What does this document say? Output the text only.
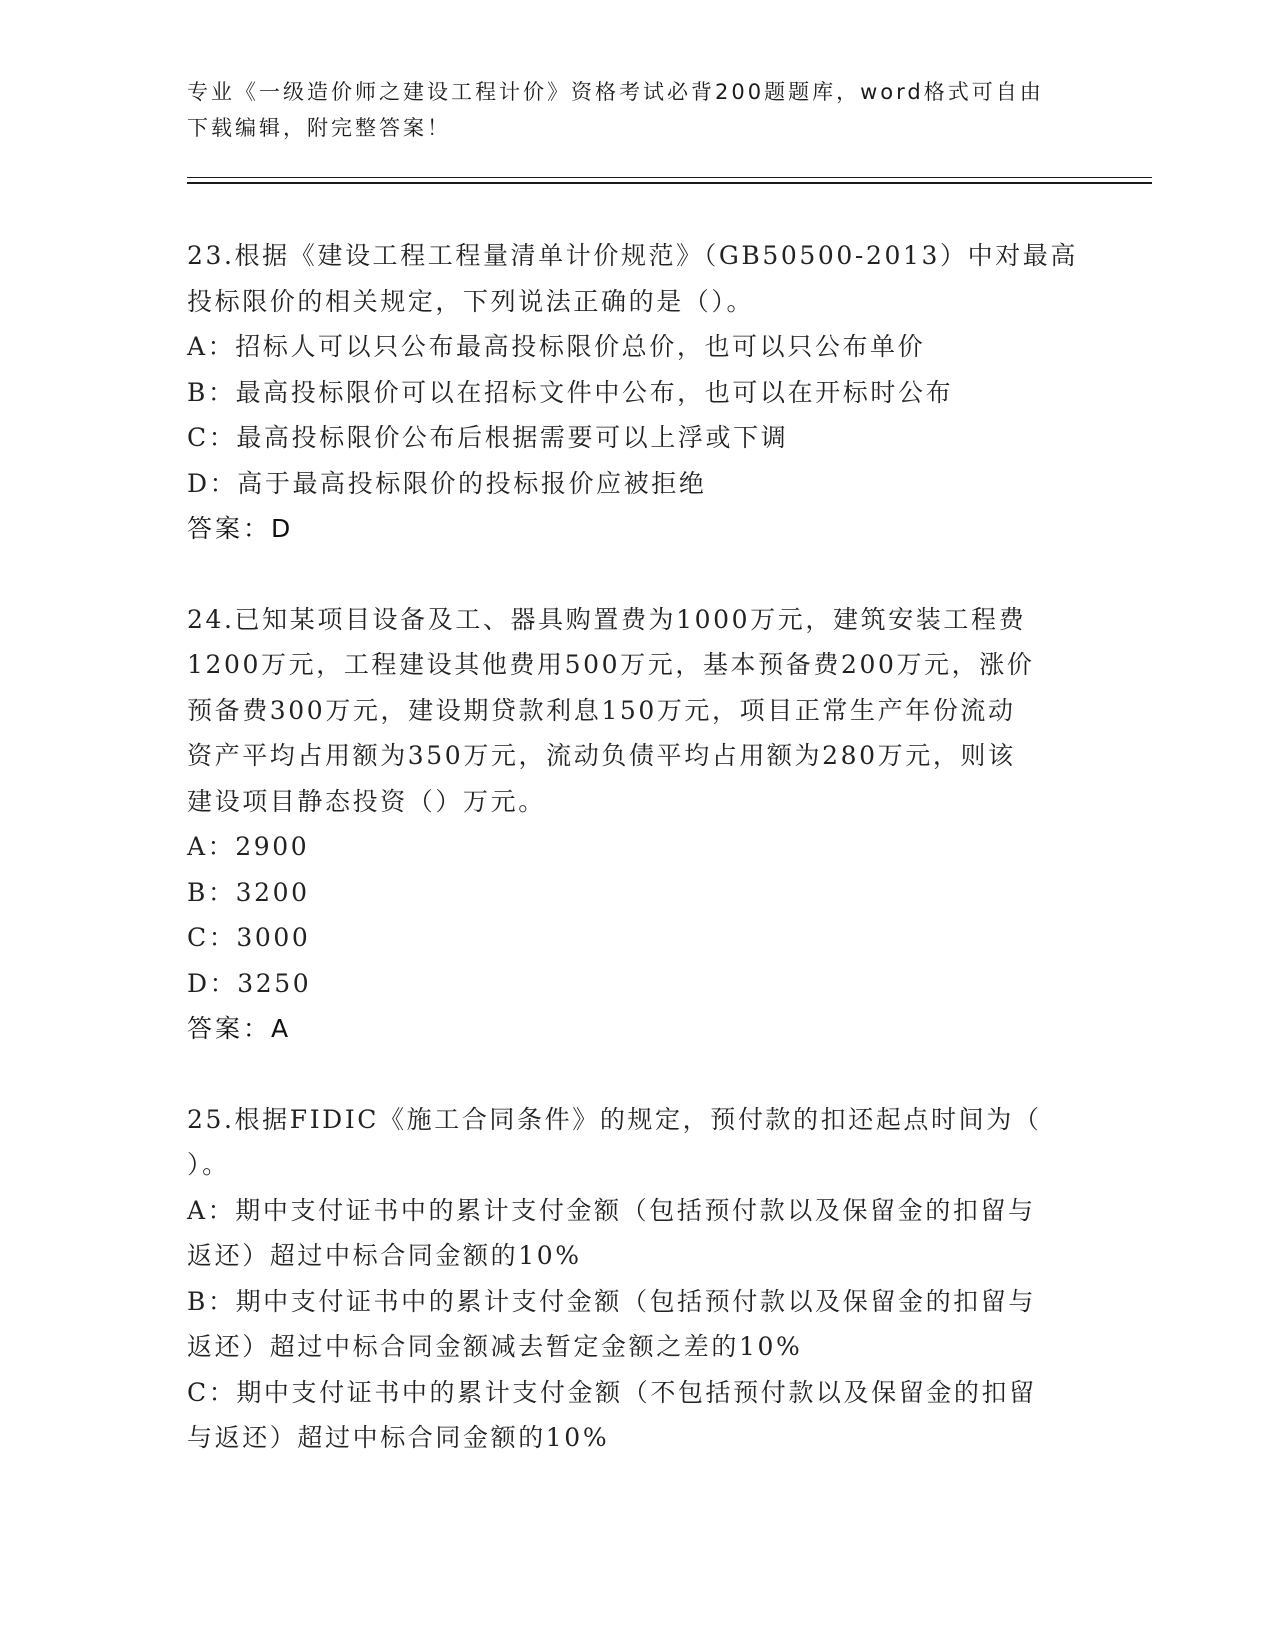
专业《一级造价师之建设工程计价》资格考试必背200题题库，word格式可自由
下载编辑，附完整答案！
23.根据《建设工程工程量清单计价规范》（GB50500-2013）中对最高
投标限价的相关规定，下列说法正确的是（）。
A：招标人可以只公布最高投标限价总价，也可以只公布单价
B：最高投标限价可以在招标文件中公布，也可以在开标时公布
C：最高投标限价公布后根据需要可以上浮或下调
D：高于最高投标限价的投标报价应被拒绝
答案：D
24.已知某项目设备及工、器具购置费为1000万元，建筑安装工程费
1200万元，工程建设其他费用500万元，基本预备费200万元，涨价
预备费300万元，建设期贷款利息150万元，项目正常生产年份流动
资产平均占用额为350万元，流动负债平均占用额为280万元，则该
建设项目静态投资（）万元。
A：2900
B：3200
C：3000
D：3250
答案：A
25.根据FIDIC《施工合同条件》的规定，预付款的扣还起点时间为（
）。
A：期中支付证书中的累计支付金额（包括预付款以及保留金的扣留与
返还）超过中标合同金额的10%
B：期中支付证书中的累计支付金额（包括预付款以及保留金的扣留与
返还）超过中标合同金额减去暂定金额之差的10%
C：期中支付证书中的累计支付金额（不包括预付款以及保留金的扣留
与返还）超过中标合同金额的10%
